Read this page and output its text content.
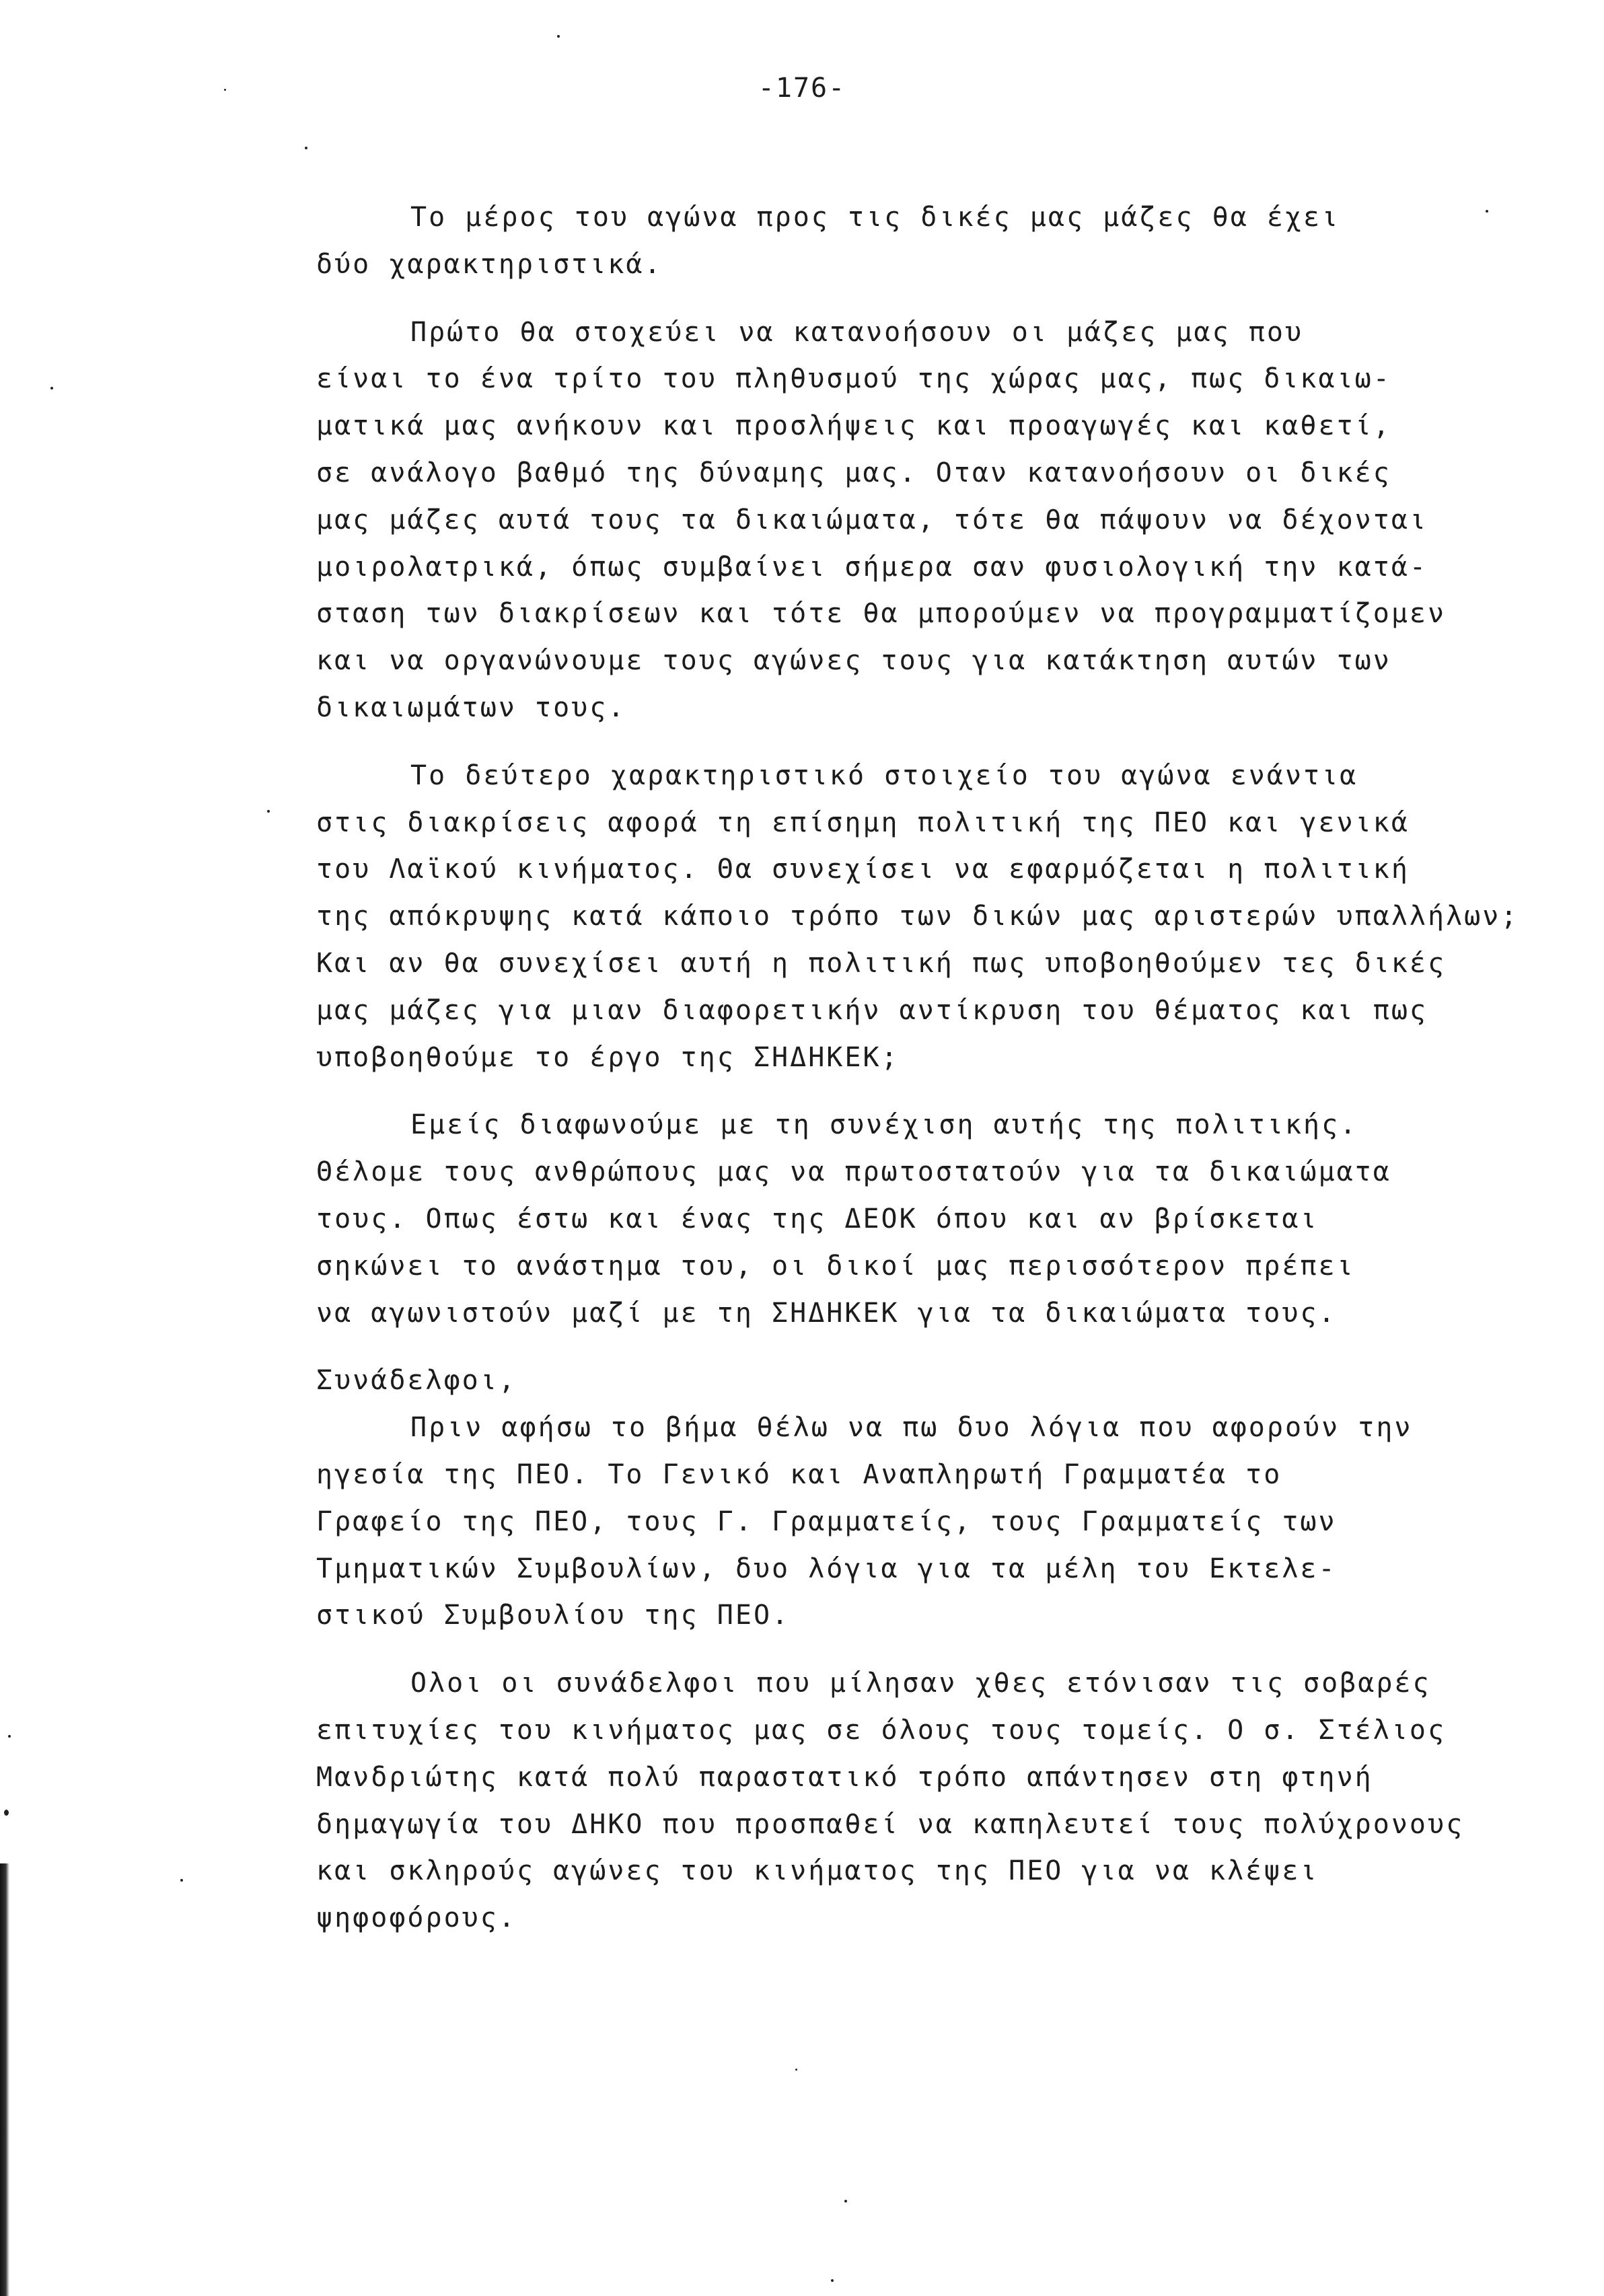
-176-
Το μέρος του αγώνα προς τις δικές μας μάζες θα έχει
δύο χαρακτηριστικά.
Πρώτο θα στοχεύει να κατανοήσουν οι μάζες μας που
είναι το ένα τρίτο του πληθυσμού της χώρας μας, πως δικαιω-
ματικά μας ανήκουν και προσλήψεις και προαγωγές και καθετί,
σε ανάλογο βαθμό της δύναμης μας. Οταν κατανοήσουν οι δικές
μας μάζες αυτά τους τα δικαιώματα, τότε θα πάψουν να δέχονται
μοιρολατρικά, όπως συμβαίνει σήμερα σαν φυσιολογική την κατά-
σταση των διακρίσεων και τότε θα μπορούμεν να προγραμματίζομεν
και να οργανώνουμε τους αγώνες τους για κατάκτηση αυτών των
δικαιωμάτων τους.
Το δεύτερο χαρακτηριστικό στοιχείο του αγώνα ενάντια
στις διακρίσεις αφορά τη επίσημη πολιτική της ΠΕΟ και γενικά
του Λαϊκού κινήματος. Θα συνεχίσει να εφαρμόζεται η πολιτική
της απόκρυψης κατά κάποιο τρόπο των δικών μας αριστερών υπαλλήλων;
Και αν θα συνεχίσει αυτή η πολιτική πως υποβοηθούμεν τες δικές
μας μάζες για μιαν διαφορετικήν αντίκρυση του θέματος και πως
υποβοηθούμε το έργο της ΣΗΔΗΚΕΚ;
Εμείς διαφωνούμε με τη συνέχιση αυτής της πολιτικής.
Θέλομε τους ανθρώπους μας να πρωτοστατούν για τα δικαιώματα
τους. Οπως έστω και ένας της ΔΕΟΚ όπου και αν βρίσκεται
σηκώνει το ανάστημα του, οι δικοί μας περισσότερον πρέπει
να αγωνιστούν μαζί με τη ΣΗΔΗΚΕΚ για τα δικαιώματα τους.
Συνάδελφοι,
Πριν αφήσω το βήμα θέλω να πω δυο λόγια που αφορούν την
ηγεσία της ΠΕΟ. Το Γενικό και Αναπληρωτή Γραμματέα το
Γραφείο της ΠΕΟ, τους Γ. Γραμματείς, τους Γραμματείς των
Τμηματικών Συμβουλίων, δυο λόγια για τα μέλη του Εκτελε-
στικού Συμβουλίου της ΠΕΟ.
Ολοι οι συνάδελφοι που μίλησαν χθες ετόνισαν τις σοβαρές
επιτυχίες του κινήματος μας σε όλους τους τομείς. Ο σ. Στέλιος
Μανδριώτης κατά πολύ παραστατικό τρόπο απάντησεν στη φτηνή
δημαγωγία του ΔΗΚΟ που προσπαθεί να καπηλευτεί τους πολύχρονους
και σκληρούς αγώνες του κινήματος της ΠΕΟ για να κλέψει
ψηφοφόρους.
